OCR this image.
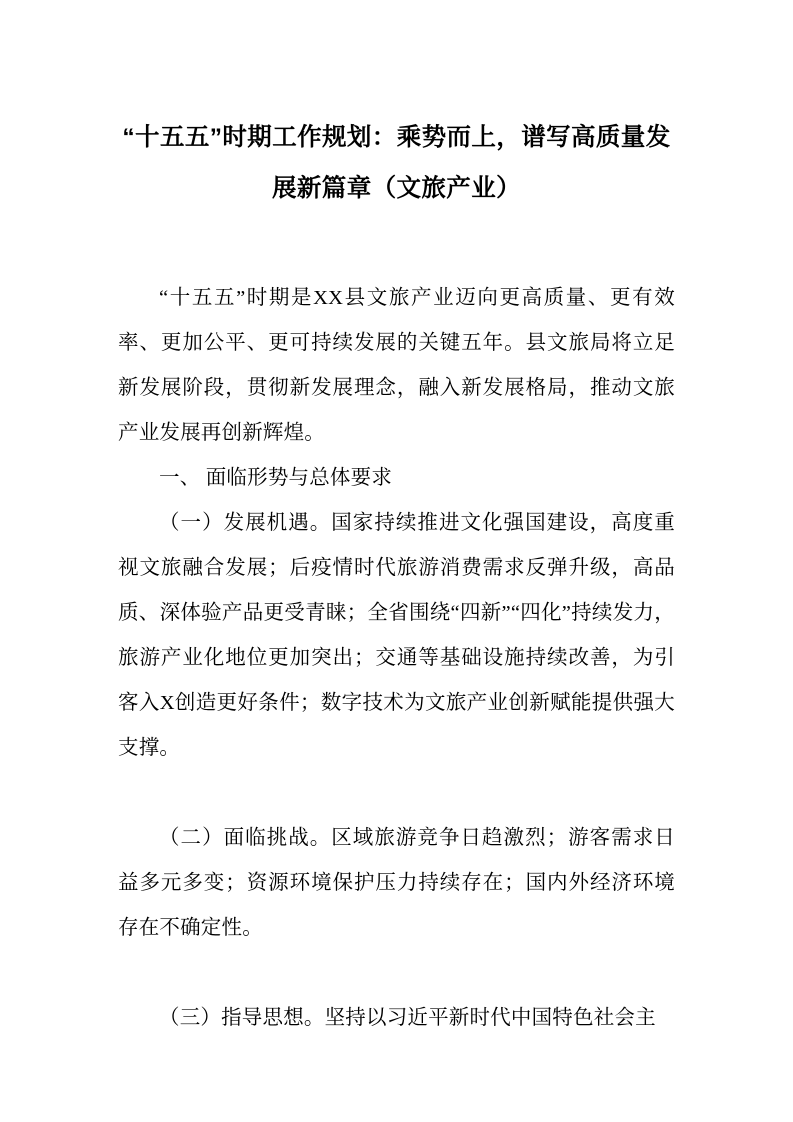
“十五五”时期工作规划：乘势而上，谱写高质量发
展新篇章（文旅产业）

“十五五”时期是XX县文旅产业迈向更高质量、更有效率、更加公平、更可持续发展的关键五年。县文旅局将立足新发展阶段，贯彻新发展理念，融入新发展格局，推动文旅产业发展再创新辉煌。

一、 面临形势与总体要求

（一）发展机遇。国家持续推进文化强国建设，高度重视文旅融合发展；后疫情时代旅游消费需求反弹升级，高品质、深体验产品更受青睐；全省围绕“四新”“四化”持续发力，旅游产业化地位更加突出；交通等基础设施持续改善，为引客入X创造更好条件；数字技术为文旅产业创新赋能提供强大支撑。

（二）面临挑战。区域旅游竞争日趋激烈；游客需求日益多元多变；资源环境保护压力持续存在；国内外经济环境存在不确定性。

（三）指导思想。坚持以习近平新时代中国特色社会主
